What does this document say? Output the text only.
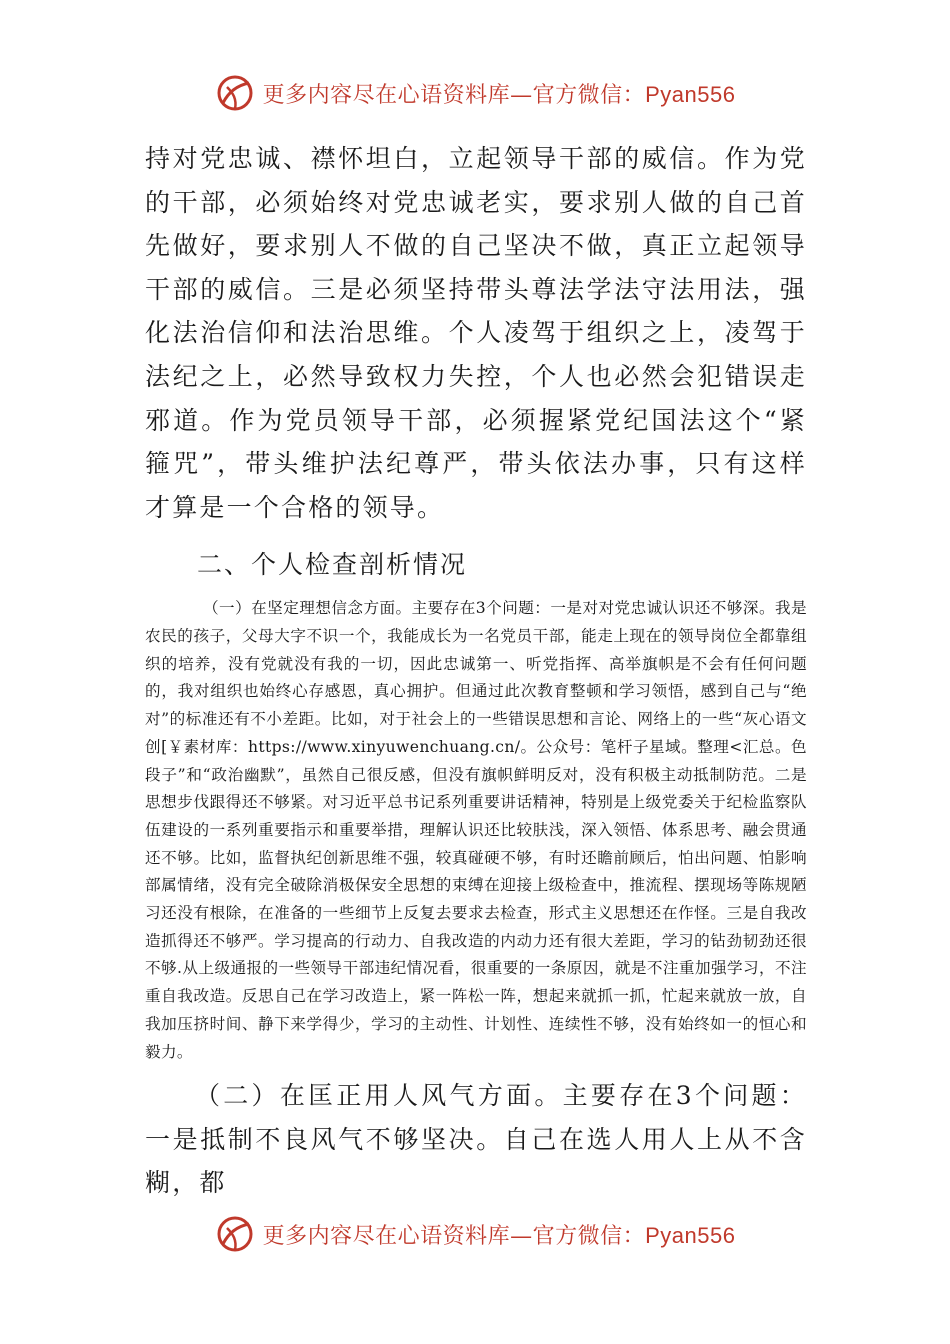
更多内容尽在心语资料库—官方微信：Pyan556

持对党忠诚、襟怀坦白，立起领导干部的威信。作为党的干部，必须始终对党忠诚老实，要求别人做的自己首先做好，要求别人不做的自己坚决不做，真正立起领导干部的威信。三是必须坚持带头尊法学法守法用法，强化法治信仰和法治思维。个人凌驾于组织之上，凌驾于法纪之上，必然导致权力失控，个人也必然会犯错误走邪道。作为党员领导干部，必须握紧党纪国法这个“紧箍咒”，带头维护法纪尊严，带头依法办事，只有这样才算是一个合格的领导。

二、个人检查剖析情况

（一）在坚定理想信念方面。主要存在3个问题：一是对对党忠诚认识还不够深。我是农民的孩子，父母大字不识一个，我能成长为一名党员干部，能走上现在的领导岗位全都靠组织的培养，没有党就没有我的一切，因此忠诚第一、听党指挥、高举旗帜是不会有任何问题的，我对组织也始终心存感恩，真心拥护。但通过此次教育整顿和学习领悟，感到自己与“绝对”的标准还有不小差距。比如，对于社会上的一些错误思想和言论、网络上的一些“灰心语文创[￥素材库：https://www.xinyuwenchuang.cn/。公众号：笔杆子星域。整理<汇总。色段子”和“政治幽默”，虽然自己很反感，但没有旗帜鲜明反对，没有积极主动抵制防范。二是思想步伐跟得还不够紧。对习近平总书记系列重要讲话精神，特别是上级党委关于纪检监察队伍建设的一系列重要指示和重要举措，理解认识还比较肤浅，深入领悟、体系思考、融会贯通还不够。比如，监督执纪创新思维不强，较真碰硬不够，有时还瞻前顾后，怕出问题、怕影响部属情绪，没有完全破除消极保安全思想的束缚在迎接上级检查中，推流程、摆现场等陈规陋习还没有根除，在准备的一些细节上反复去要求去检查，形式主义思想还在作怪。三是自我改造抓得还不够严。学习提高的行动力、自我改造的内动力还有很大差距，学习的钻劲韧劲还很不够.从上级通报的一些领导干部违纪情况看，很重要的一条原因，就是不注重加强学习，不注重自我改造。反思自己在学习改造上，紧一阵松一阵，想起来就抓一抓，忙起来就放一放，自我加压挤时间、静下来学得少，学习的主动性、计划性、连续性不够，没有始终如一的恒心和毅力。

（二）在匡正用人风气方面。主要存在3个问题：一是抵制不良风气不够坚决。自己在选人用人上从不含糊，都

更多内容尽在心语资料库—官方微信：Pyan556
